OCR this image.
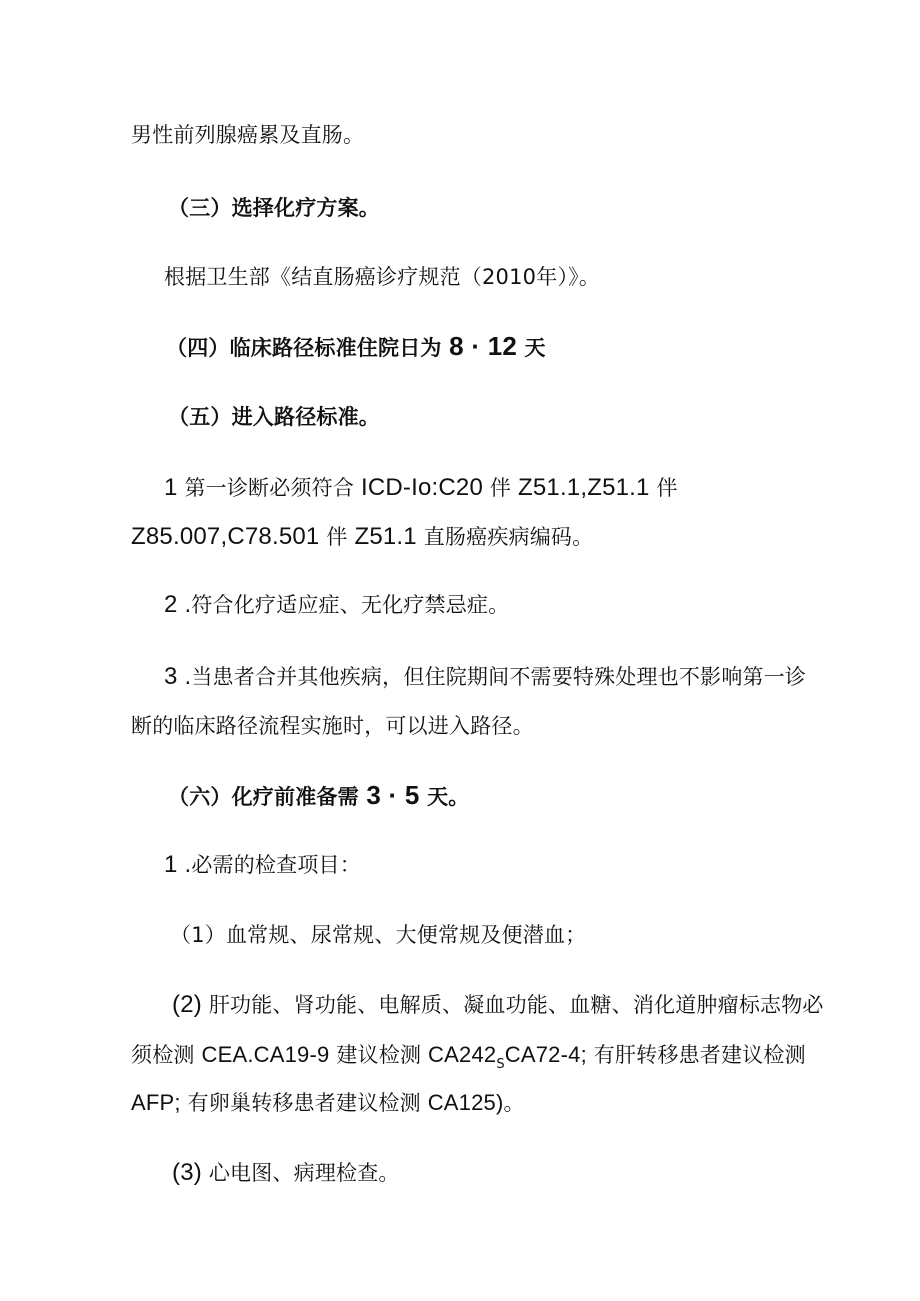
男性前列腺癌累及直肠。
（三）选择化疗方案。
根据卫生部《结直肠癌诊疗规范（2010年）》。
（四）临床路径标准住院日为 8 · 12 天
（五）进入路径标准。
1 第一诊断必须符合 ICD-Io:C20 伴 Z51.1,Z51.1 伴
Z85.007,C78.501 伴 Z51.1 直肠癌疾病编码。
2 .符合化疗适应症、无化疗禁忌症。
3 .当患者合并其他疾病，但住院期间不需要特殊处理也不影响第一诊
断的临床路径流程实施时，可以进入路径。
（六）化疗前准备需 3 · 5 天。
1 .必需的检查项目：
（1）血常规、尿常规、大便常规及便潜血；
(2) 肝功能、肾功能、电解质、凝血功能、血糖、消化道肿瘤标志物必
须检测 CEA.CA19-9 建议检测 $CA242_SCA72-4$; 有肝转移患者建议检测
AFP; 有卵巢转移患者建议检测 CA125)。
(3) 心电图、病理检查。
